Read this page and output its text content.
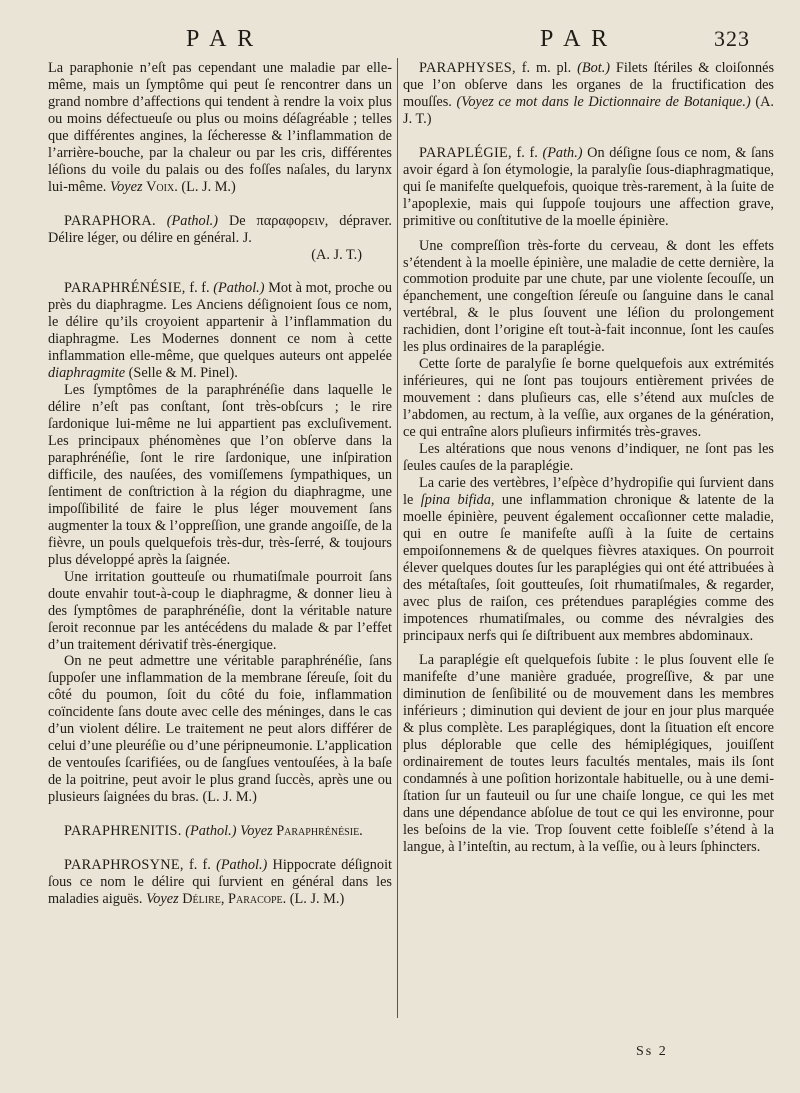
P A R	P A R	323

La paraphonie n’eſt pas cependant une maladie par elle-même, mais un ſymptôme qui peut ſe rencontrer dans un grand nombre d’affections qui tendent à rendre la voix plus ou moins défectueuſe ou plus ou moins déſagréable ; telles que différentes angines, la ſécheresse & l’inflammation de l’arrière-bouche, par la chaleur ou par les cris, différentes léſions du voile du palais ou des foſſes naſales, du larynx lui-même. Voyez Voix. (L. J. M.)

PARAPHORA. (Pathol.) De παραφορειν, dépraver. Délire léger, ou délire en général. J.

(A. J. T.)

PARAPHRÉNÉSIE, f. f. (Pathol.) Mot à mot, proche ou près du diaphragme. Les Anciens déſignoient ſous ce nom, le délire qu’ils croyoient appartenir à l’inflammation du diaphragme. Les Modernes donnent ce nom à cette inflammation elle-même, que quelques auteurs ont appelée diaphragmite (Selle & M. Pinel).

Les ſymptômes de la paraphrénéſie dans laquelle le délire n’eſt pas conſtant, ſont très-obſcurs ; le rire ſardonique lui-même ne lui appartient pas excluſivement. Les principaux phénomènes que l’on obſerve dans la paraphrénéſie, ſont le rire ſardonique, une inſpiration difficile, des nauſées, des vomiſſemens ſympathiques, un ſentiment de conſtriction à la région du diaphragme, une impoſſibilité de faire le plus léger mouvement ſans augmenter la toux & l’oppreſſion, une grande angoiſſe, de la fièvre, un pouls quelquefois très-dur, très-ſerré, & toujours plus développé après la ſaignée.

Une irritation goutteuſe ou rhumatiſmale pourroit ſans doute envahir tout-à-coup le diaphragme, & donner lieu à des ſymptômes de paraphrénéſie, dont la véritable nature ſeroit reconnue par les antécédens du malade & par l’effet d’un traitement dérivatif très-énergique.

On ne peut admettre une véritable paraphrénéſie, ſans ſuppoſer une inflammation de la membrane ſéreuſe, ſoit du côté du poumon, ſoit du côté du foie, inflammation coïncidente ſans doute avec celle des méninges, dans le cas d’un violent délire. Le traitement ne peut alors différer de celui d’une pleuréſie ou d’une péripneumonie. L’application de ventouſes ſcarifiées, ou de ſangſues ventouſées, à la baſe de la poitrine, peut avoir le plus grand ſuccès, après une ou plusieurs ſaignées du bras. (L. J. M.)

PARAPHRENITIS. (Pathol.) Voyez Paraphrénésie.

PARAPHROSYNE, f. f. (Pathol.) Hippocrate déſignoit ſous ce nom le délire qui ſurvient en général dans les maladies aiguës. Voyez Délire, Paracope. (L. J. M.)

PARAPHYSES, f. m. pl. (Bot.) Filets ſtériles & cloiſonnés que l’on obſerve dans les organes de la fructification des mouſſes. (Voyez ce mot dans le Dictionnaire de Botanique.) (A. J. T.)

PARAPLÉGIE, f. f. (Path.) On déſigne ſous ce nom, & ſans avoir égard à ſon étymologie, la paralyſie ſous-diaphragmatique, qui ſe manifeſte quelquefois, quoique très-rarement, à la ſuite de l’apoplexie, mais qui ſuppoſe toujours une affection grave, primitive ou conſtitutive de la moelle épinière.

Une compreſſion très-forte du cerveau, & dont les effets s’étendent à la moelle épinière, une maladie de cette dernière, la commotion produite par une chute, par une violente ſecouſſe, un épanchement, une congeſtion ſéreuſe ou ſanguine dans le canal vertébral, & le plus ſouvent une léſion du prolongement rachidien, dont l’origine eſt tout-à-fait inconnue, ſont les cauſes les plus ordinaires de la paraplégie.

Cette ſorte de paralyſie ſe borne quelquefois aux extrémités inférieures, qui ne ſont pas toujours entièrement privées de mouvement : dans pluſieurs cas, elle s’étend aux muſcles de l’abdomen, au rectum, à la veſſie, aux organes de la génération, ce qui entraîne alors pluſieurs infirmités très-graves.

Les altérations que nous venons d’indiquer, ne ſont pas les ſeules cauſes de la paraplégie.

La carie des vertèbres, l’eſpèce d’hydropiſie qui ſurvient dans le ſpina bifida, une inflammation chronique & latente de la moelle épinière, peuvent également occaſionner cette maladie, qui en outre ſe manifeſte auſſi à la ſuite de certains empoiſonnemens & de quelques fièvres ataxiques. On pourroit élever quelques doutes ſur les paraplégies qui ont été attribuées à des métaſtaſes, ſoit goutteuſes, ſoit rhumatiſmales, & regarder, avec plus de raiſon, ces prétendues paraplégies comme des impotences rhumatiſmales, ou comme des névralgies des principaux nerfs qui ſe diſtribuent aux membres abdominaux.

La paraplégie eſt quelquefois ſubite : le plus ſouvent elle ſe manifeſte d’une manière graduée, progreſſive, & par une diminution de ſenſibilité ou de mouvement dans les membres inférieurs ; diminution qui devient de jour en jour plus marquée & plus complète. Les paraplégiques, dont la ſituation eſt encore plus déplorable que celle des hémiplégiques, jouiſſent ordinairement de toutes leurs facultés mentales, mais ils ſont condamnés à une poſition horizontale habituelle, ou à une demi-ſtation ſur un fauteuil ou ſur une chaiſe longue, ce qui les met dans une dépendance abſolue de tout ce qui les environne, pour les beſoins de la vie. Trop ſouvent cette foibleſſe s’étend à la langue, à l’inteſtin, au rectum, à la veſſie, ou à leurs ſphincters.

Ss 2
